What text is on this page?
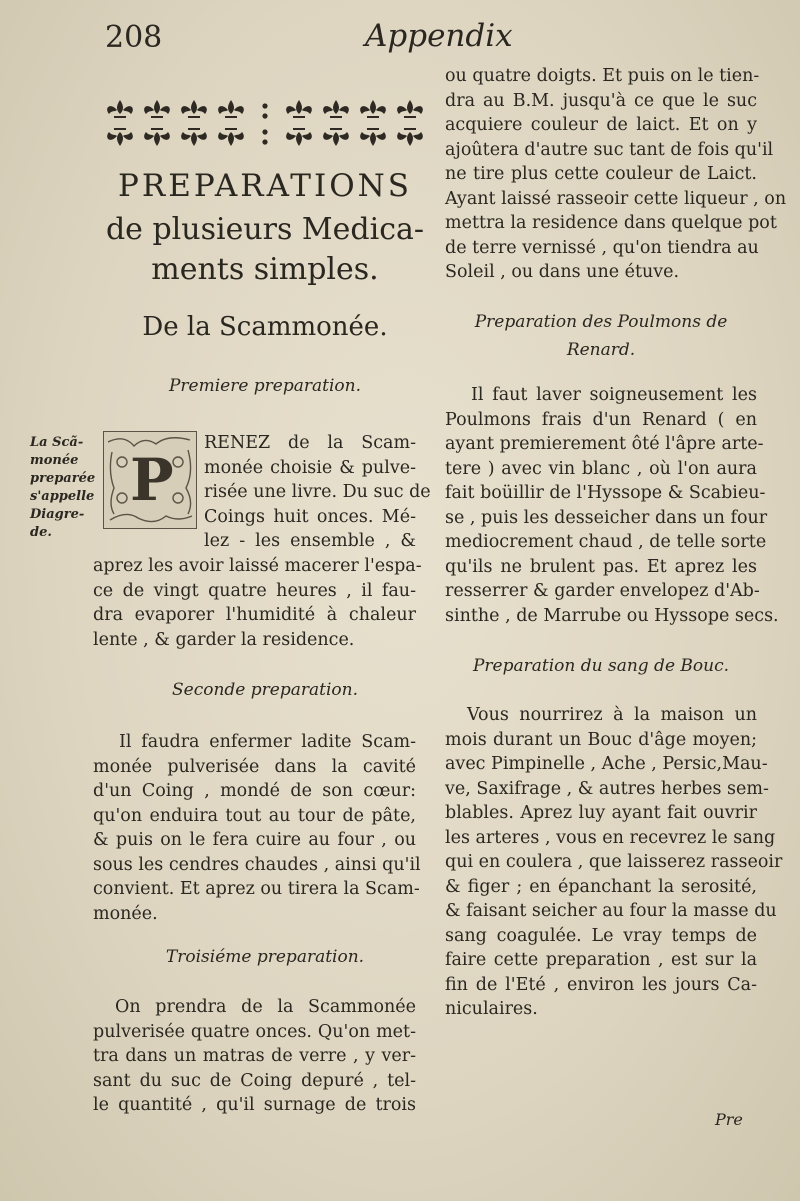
208	Appendix
PREPARATIONS
de plusieurs Medica-
ments simples.
De la Scammonée.
Premiere preparation.
La Scã-
monée
preparée
s'appelle
Diagre-
de.
P
RENEZ de la Scam-
monée choisie & pulve-
risée une livre. Du suc de
Coings huit onces. Mé-
lez - les ensemble , &
aprez les avoir laissé macerer l'espa-
ce de vingt quatre heures , il fau-
dra evaporer l'humidité à chaleur
lente , & garder la residence.
Seconde preparation.
Il faudra enfermer ladite Scam-
monée pulverisée dans la cavité
d'un Coing , mondé de son cœur:
qu'on enduira tout au tour de pâte,
& puis on le fera cuire au four , ou
sous les cendres chaudes , ainsi qu'il
convient. Et aprez ou tirera la Scam-
monée.
Troisiéme preparation.
On prendra de la Scammonée
pulverisée quatre onces. Qu'on met-
tra dans un matras de verre , y ver-
sant du suc de Coing depuré , tel-
le quantité , qu'il surnage de trois
ou quatre doigts. Et puis on le tien-
dra au B.M. jusqu'à ce que le suc
acquiere couleur de laict. Et on y
ajoûtera d'autre suc tant de fois qu'il
ne tire plus cette couleur de Laict.
Ayant laissé rasseoir cette liqueur , on
mettra la residence dans quelque pot
de terre vernissé , qu'on tiendra au
Soleil , ou dans une étuve.
Preparation des Poulmons de
Renard.
Il faut laver soigneusement les
Poulmons frais d'un Renard ( en
ayant premierement ôté l'âpre arte-
tere ) avec vin blanc , où l'on aura
fait boüillir de l'Hyssope & Scabieu-
se , puis les desseicher dans un four
mediocrement chaud , de telle sorte
qu'ils ne brulent pas. Et aprez les
resserrer & garder envelopez d'Ab-
sinthe , de Marrube ou Hyssope secs.
Preparation du sang de Bouc.
Vous nourrirez à la maison un
mois durant un Bouc d'âge moyen;
avec Pimpinelle , Ache , Persic,Mau-
ve, Saxifrage , & autres herbes sem-
blables. Aprez luy ayant fait ouvrir
les arteres , vous en recevrez le sang
qui en coulera , que laisserez rasseoir
& figer ; en épanchant la serosité,
& faisant seicher au four la masse du
sang coagulée. Le vray temps de
faire cette preparation , est sur la
fin de l'Eté , environ les jours Ca-
niculaires.
Pre
